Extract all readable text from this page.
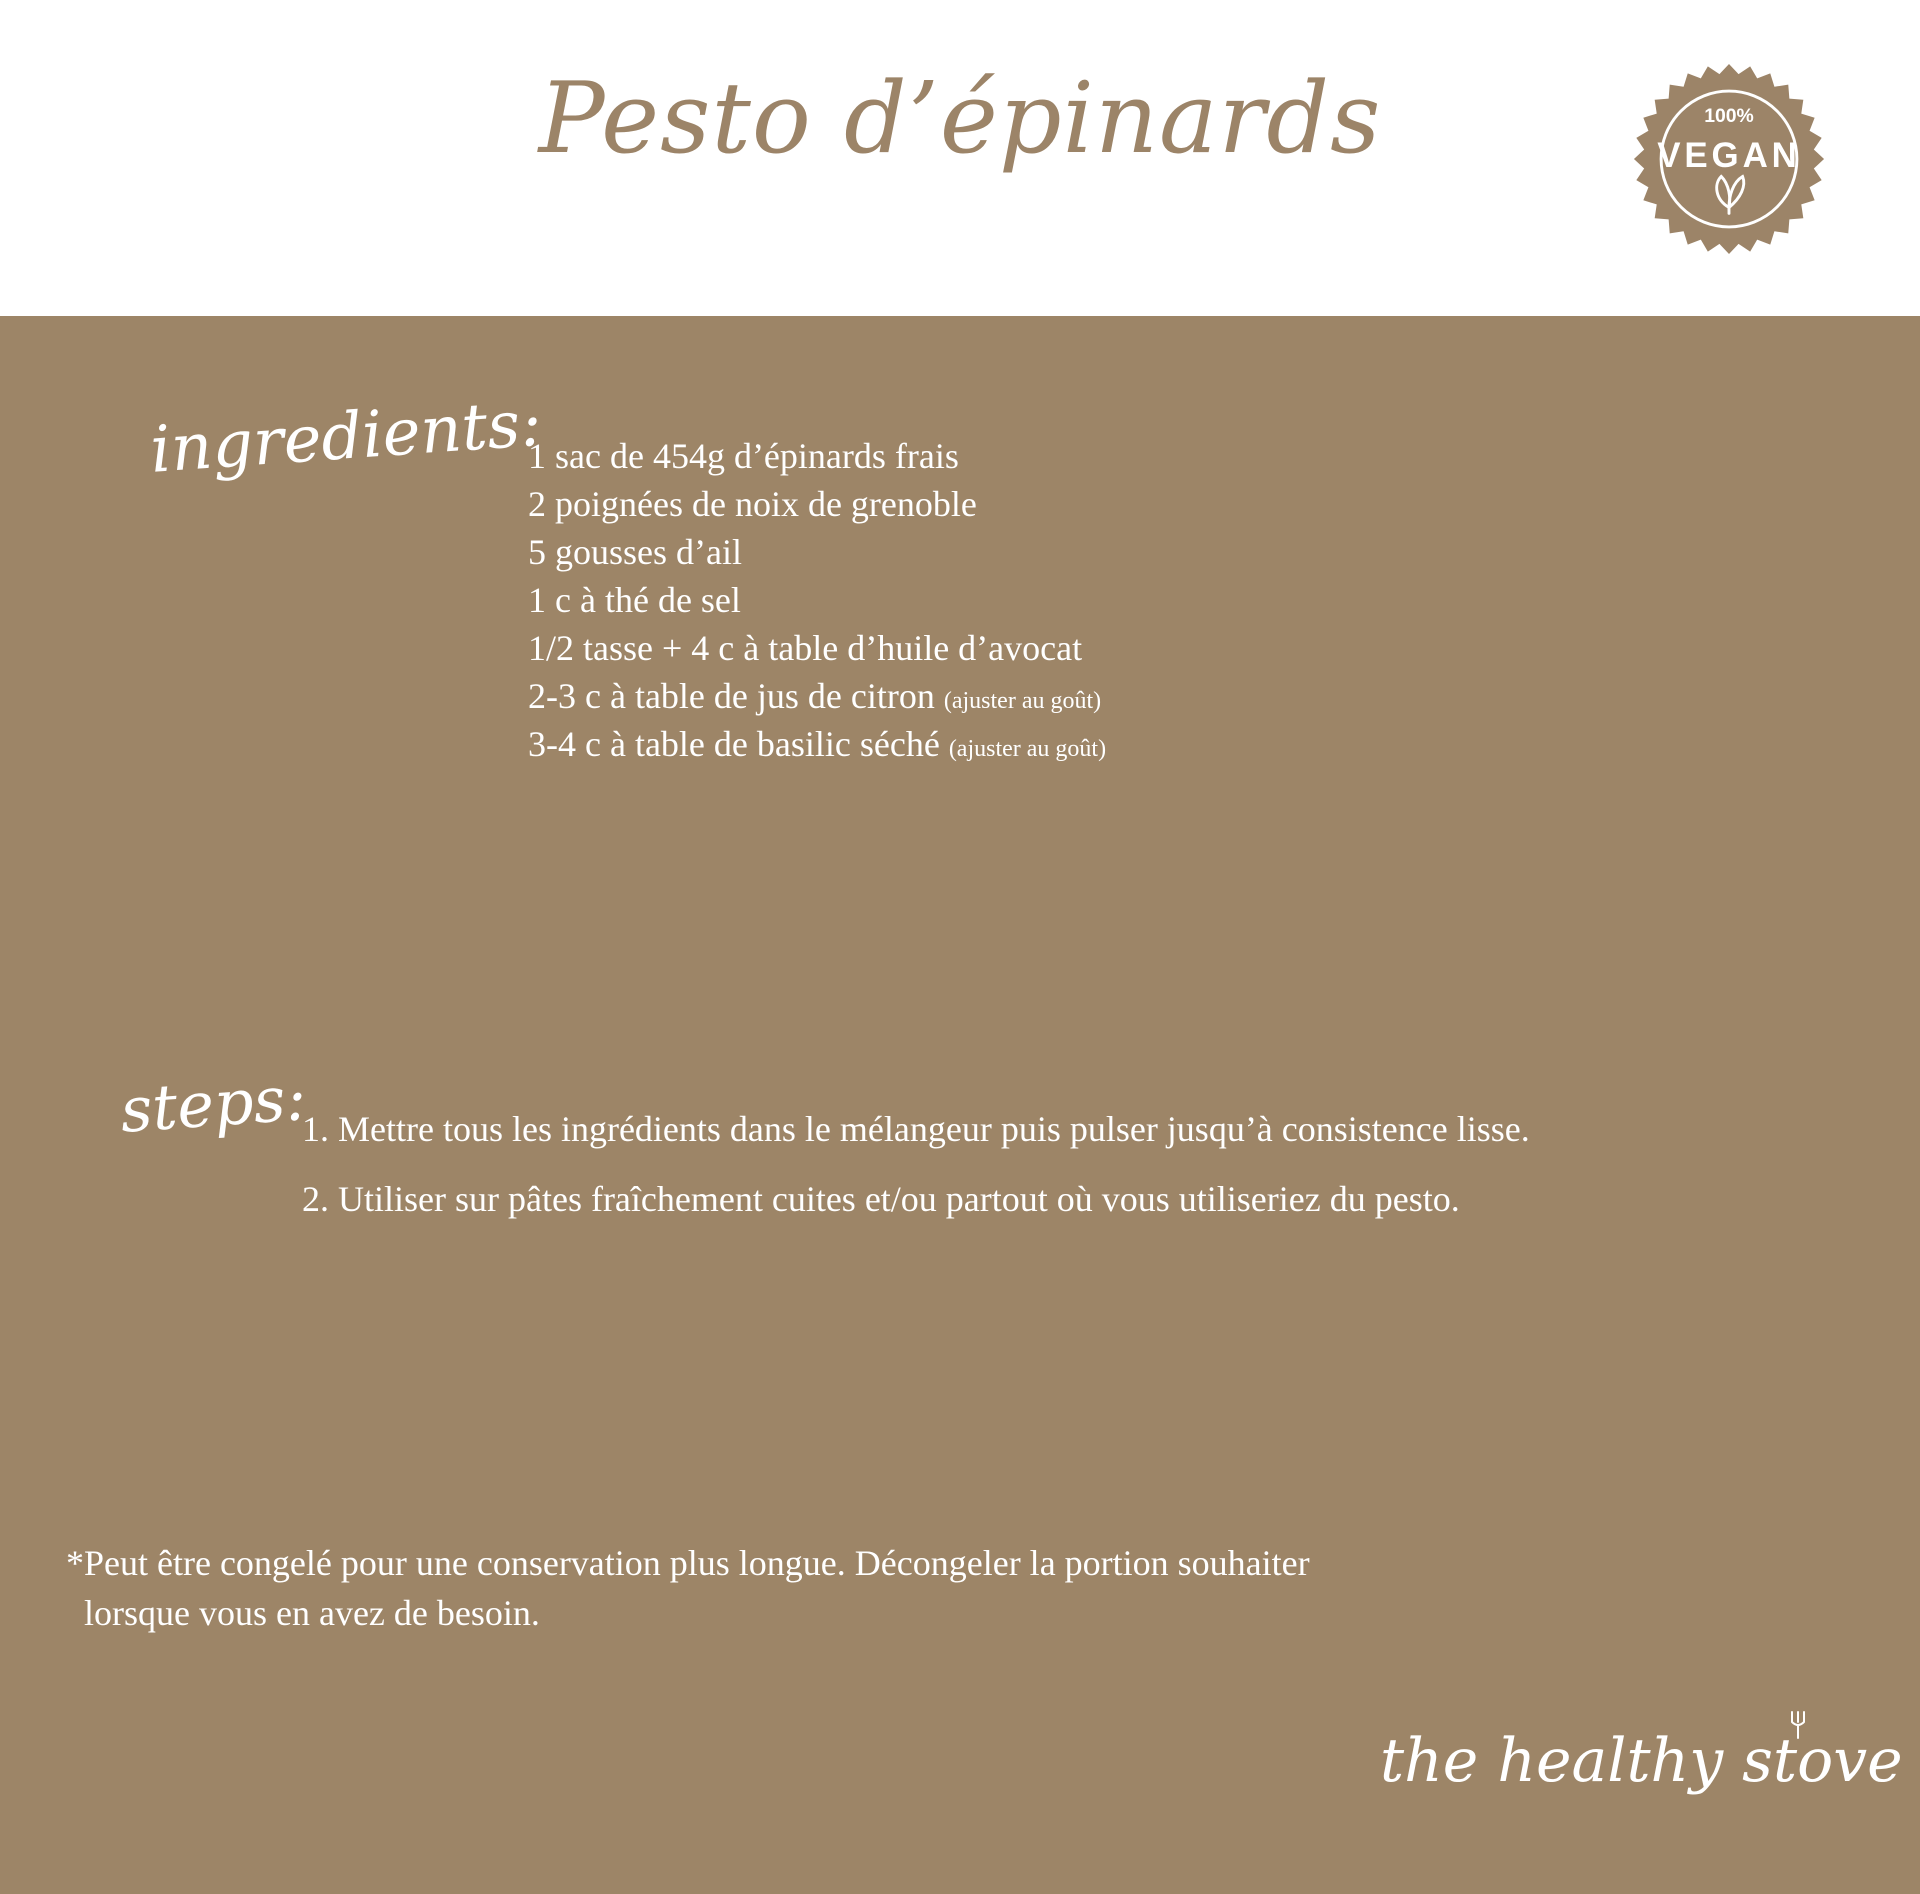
Pesto d’épinards	100%
VEGAN
ingredients:
1 sac de 454g d’épinards frais
2 poignées de noix de grenoble
5 gousses d’ail
1 c à thé de sel
1/2 tasse + 4 c à table d’huile d’avocat
2-3 c à table de jus de citron (ajuster au goût)
3-4 c à table de basilic séché (ajuster au goût)
steps:
1. Mettre tous les ingrédients dans le mélangeur puis pulser jusqu’à consistence lisse.
2. Utiliser sur pâtes fraîchement cuites et/ou partout où vous utiliseriez du pesto.

*Peut être congelé pour une conservation plus longue. Décongeler la portion souhaiter
lorsque vous en avez de besoin.

the healthy stove
